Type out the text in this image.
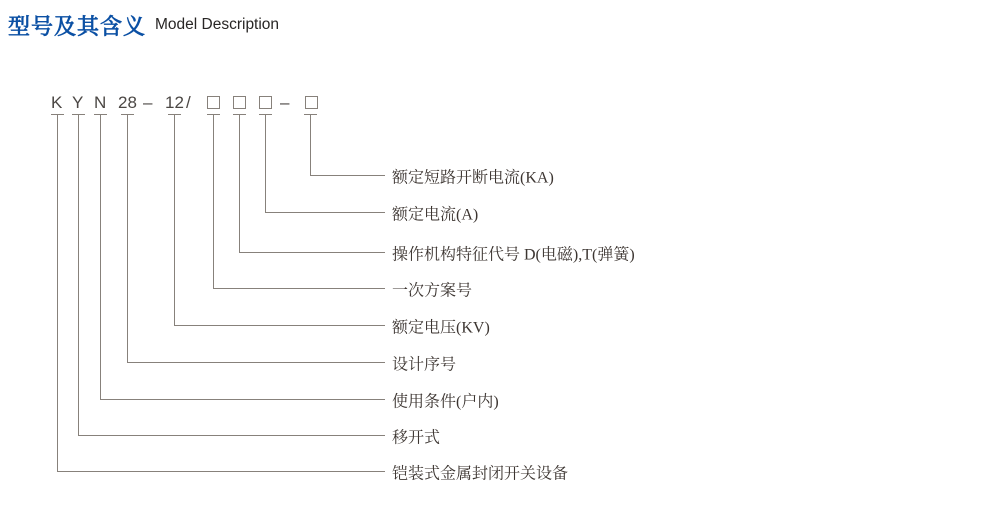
型号及其含义 Model Description
K Y N 28 – 12 /	–
额定短路开断电流(KA)
额定电流(A)
操作机构特征代号 D(电磁),T(弹簧)
一次方案号
额定电压(KV)
设计序号
使用条件(户内)
移开式
铠装式金属封闭开关设备
